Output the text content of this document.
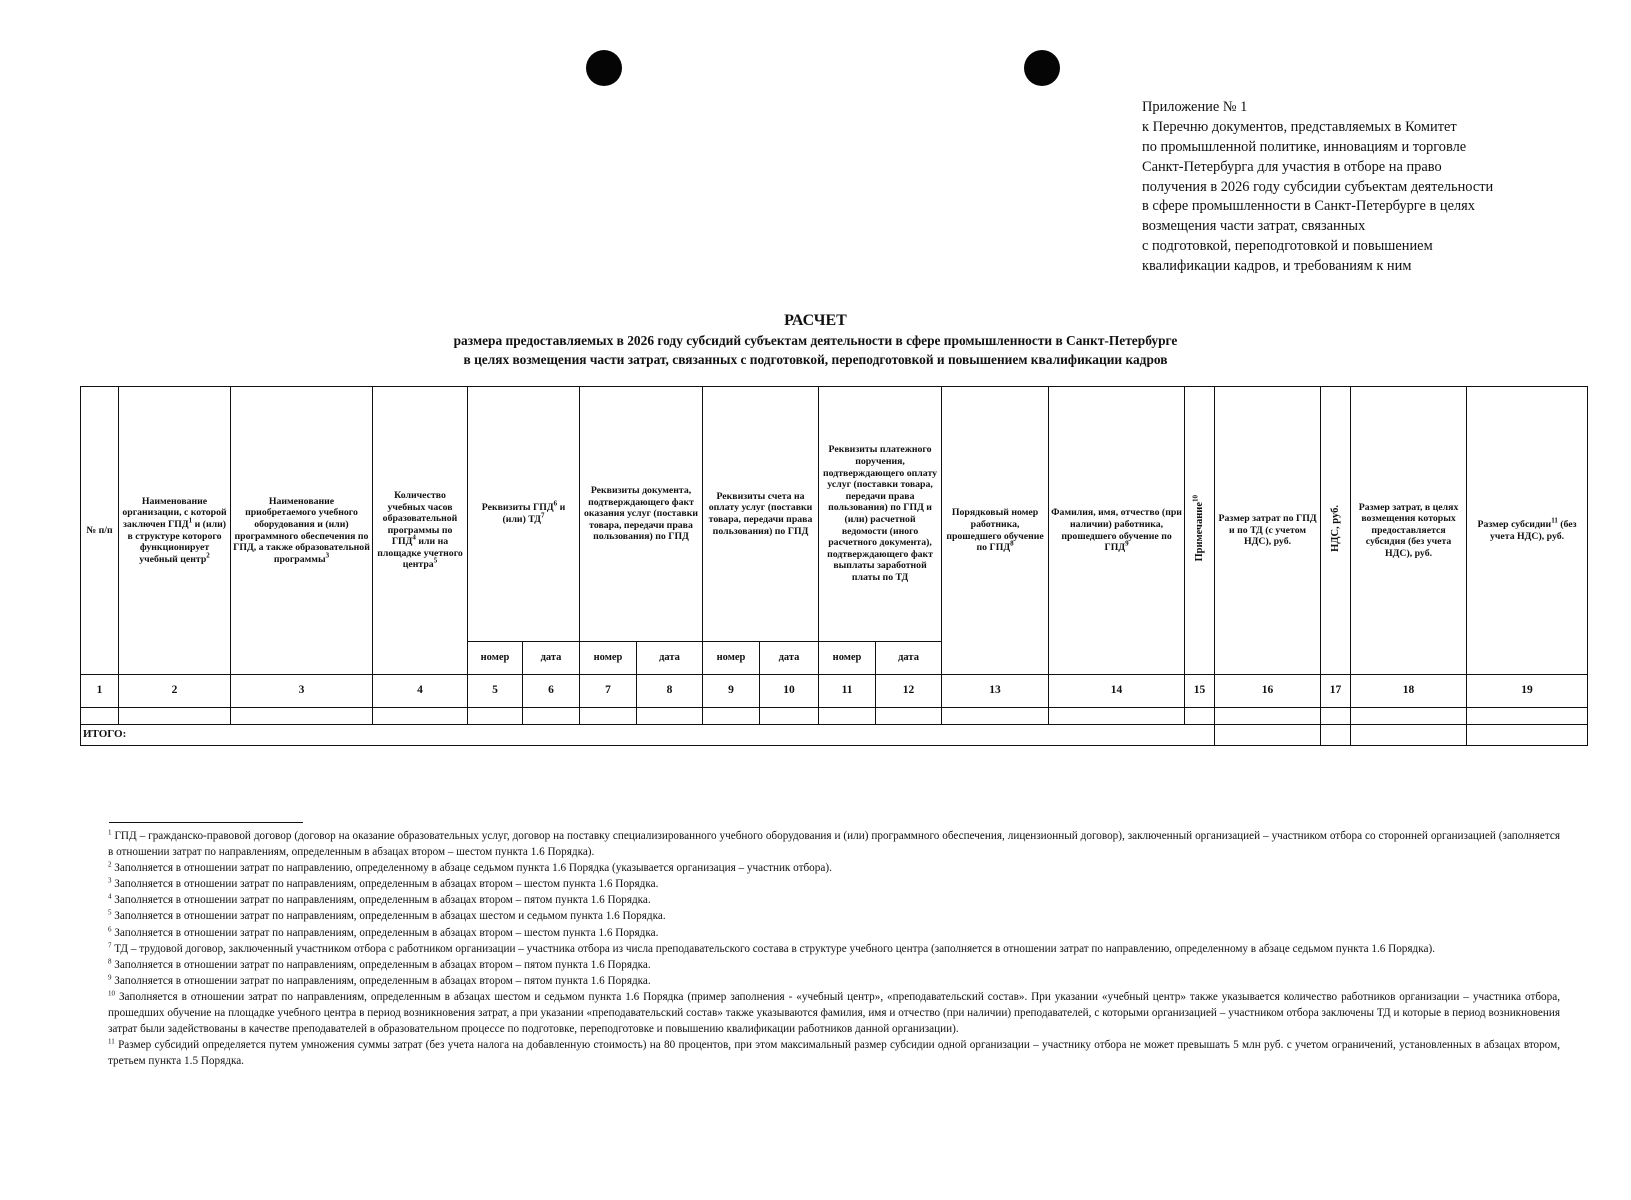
Приложение № 1
к Перечню документов, представляемых в Комитет
по промышленной политике, инновациям и торговле
Санкт-Петербурга для участия в отборе на право
получения в 2026 году субсидии субъектам деятельности
в сфере промышленности в Санкт-Петербурге в целях
возмещения части затрат, связанных
с подготовкой, переподготовкой и повышением
квалификации кадров, и требованиям к ним
РАСЧЕТ
размера предоставляемых в 2026 году субсидий субъектам деятельности в сфере промышленности в Санкт-Петербурге
в целях возмещения части затрат, связанных с подготовкой, переподготовкой и повышением квалификации кадров
№ п/п	Наименование организации, с которой заключен ГПД$^1$ и (или) в структуре которого функционирует учебный центр$^2$	Наименование приобретаемого учебного оборудования и (или) программного обеспечения по ГПД, а также образовательной программы$^3$	Количество учебных часов образовательной программы по ГПД$^4$ или на площадке учетного центра$^5$	Реквизиты ГПД$^6$ и (или) $ТД^7$		Реквизиты документа, подтверждающего факт оказания услуг (поставки товара, передачи права пользования) по ГПД		Реквизиты счета на оплату услуг (поставки товара, передачи права пользования) по ГПД		Реквизиты платежного поручения, подтверждающего оплату услуг (поставки товара, передачи права пользования) по ГПД и (или) расчетной ведомости (иного расчетного документа), подтверждающего факт выплаты заработной платы по ТД		Порядковый номер работника, прошедшего обучение по ГПД$^8$	Фамилия, имя, отчество (при наличии) работника, прошедшего обучение по ГПД$^9$	Примечание$^{10}$	Размер затрат по ГПД и по ТД (с учетом НДС), руб.	НДС, руб.	Размер затрат, в целях возмещения которых предоставляется субсидия (без учета НДС), руб.	Размер субсидии$^{11}$ (без учета НДС), руб.
				номер	дата	номер	дата	номер	дата	номер	дата							
1	2	3	4	5	6	7	8	9	10	11	12	13	14	15	16	17	18	19

ИТОГО:																		

$^1$ ГПД – гражданско-правовой договор (договор на оказание образовательных услуг, договор на поставку специализированного учебного оборудования и (или) программного обеспечения, лицензионный договор), заключенный организацией – участником отбора со сторонней организацией (заполняется в отношении затрат по направлениям, определенным в абзацах втором – шестом пункта 1.6 Порядка).

$^2$ Заполняется в отношении затрат по направлению, определенному в абзаце седьмом пункта 1.6 Порядка (указывается организация – участник отбора).

$^3$ Заполняется в отношении затрат по направлениям, определенным в абзацах втором – шестом пункта 1.6 Порядка.

$^4$ Заполняется в отношении затрат по направлениям, определенным в абзацах втором – пятом пункта 1.6 Порядка.

$^5$ Заполняется в отношении затрат по направлениям, определенным в абзацах шестом и седьмом пункта 1.6 Порядка.

$^6$ Заполняется в отношении затрат по направлениям, определенным в абзацах втором – шестом пункта 1.6 Порядка.

$^7$ ТД – трудовой договор, заключенный участником отбора с работником организации – участника отбора из числа преподавательского состава в структуре учебного центра (заполняется в отношении затрат по направлению, определенному в абзаце седьмом пункта 1.6 Порядка).

$^8$ Заполняется в отношении затрат по направлениям, определенным в абзацах втором – пятом пункта 1.6 Порядка.

$^9$ Заполняется в отношении затрат по направлениям, определенным в абзацах втором – пятом пункта 1.6 Порядка.

$^{10}$ Заполняется в отношении затрат по направлениям, определенным в абзацах шестом и седьмом пункта 1.6 Порядка (пример заполнения - «учебный центр», «преподавательский состав». При указании «учебный центр» также указывается количество работников организации – участника отбора, прошедших обучение на площадке учебного центра в период возникновения затрат, а при указании «преподавательский состав» также указываются фамилия, имя и отчество (при наличии) преподавателей, с которыми организацией – участником отбора заключены ТД и которые в период возникновения затрат были задействованы в качестве преподавателей в образовательном процессе по подготовке, переподготовке и повышению квалификации работников данной организации).

$^{11}$ Размер субсидий определяется путем умножения суммы затрат (без учета налога на добавленную стоимость) на 80 процентов, при этом максимальный размер субсидии одной организации – участнику отбора не может превышать 5 млн руб. с учетом ограничений, установленных в абзацах втором, третьем пункта 1.5 Порядка.
